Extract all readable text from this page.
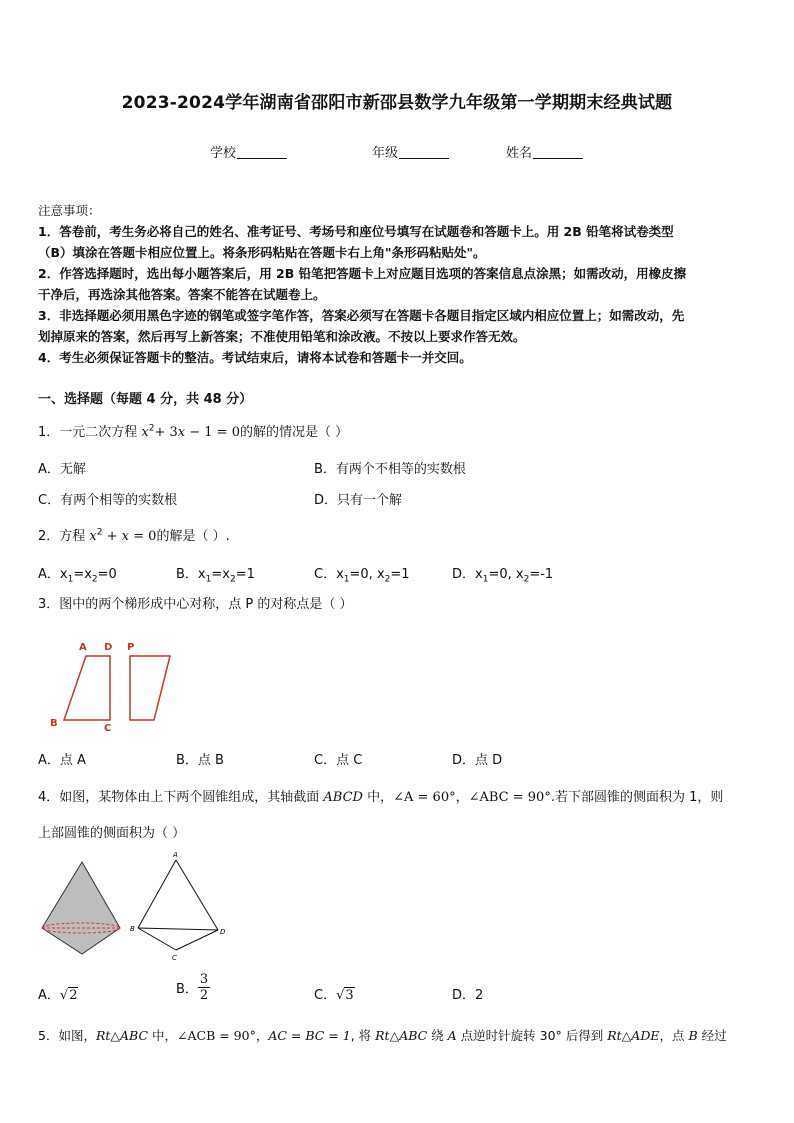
2023-2024学年湖南省邵阳市新邵县数学九年级第一学期期末经典试题
学校	年级	姓名
注意事项：
1．答卷前，考生务必将自己的姓名、准考证号、考场号和座位号填写在试题卷和答题卡上。用 2B 铅笔将试卷类型
（B）填涂在答题卡相应位置上。将条形码粘贴在答题卡右上角"条形码粘贴处"。
2．作答选择题时，选出每小题答案后，用 2B 铅笔把答题卡上对应题目选项的答案信息点涂黑；如需改动，用橡皮擦
干净后，再选涂其他答案。答案不能答在试题卷上。
3．非选择题必须用黑色字迹的钢笔或签字笔作答，答案必须写在答题卡各题目指定区域内相应位置上；如需改动，先
划掉原来的答案，然后再写上新答案；不准使用铅笔和涂改液。不按以上要求作答无效。
4．考生必须保证答题卡的整洁。考试结束后，请将本试卷和答题卡一并交回。
一、选择题（每题 4 分，共 48 分）
1．一元二次方程 $x^2+ 3x - 1 = 0$的解的情况是（ ）
A．无解	B．有两个不相等的实数根
C．有两个相等的实数根	D．只有一个解
2．方程 $x^2 + x = 0$的解是（ ）.
A．$x_1=x_2=0$	B．$x_1=x_2=1$	C．$x_1=0$, $x_2=1$	D．$x_1=0$, $x_2=-1$
3．图中的两个梯形成中心对称，点 P 的对称点是（ ）
A D P
B	C
A．点 A	B．点 B	C．点 C	D．点 D
4．如图，某物体由上下两个圆锥组成，其轴截面 ABCD 中，∠A = 60°，∠ABC = 90°.若下部圆锥的侧面积为 1，则
上部圆锥的侧面积为（ ）
A
B
C
D
A．√2	B． $\frac{3}{2}$	C．√3	D．2
5．如图，Rt△ABC 中，∠ACB = 90°，AC = BC = 1, 将 Rt△ABC 绕 A 点逆时针旋转 30° 后得到 Rt△ADE，点 B 经过
